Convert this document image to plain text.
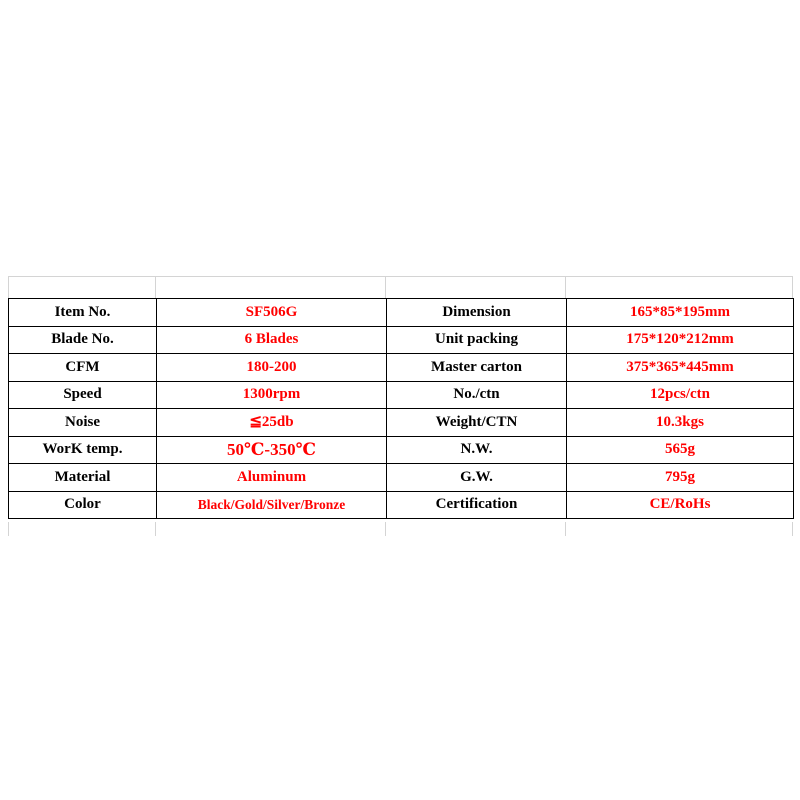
Item No.	SF506G	Dimension	165*85*195mm
Blade No.	6 Blades	Unit packing	175*120*212mm
CFM	180-200	Master carton	375*365*445mm
Speed	1300rpm	No./ctn	12pcs/ctn
Noise	≦25db	Weight/CTN	10.3kgs
WorK temp.	50℃-350℃	N.W.	565g
Material	Aluminum	G.W.	795g
Color	Black/Gold/Silver/Bronze	Certification	CE/RoHs
